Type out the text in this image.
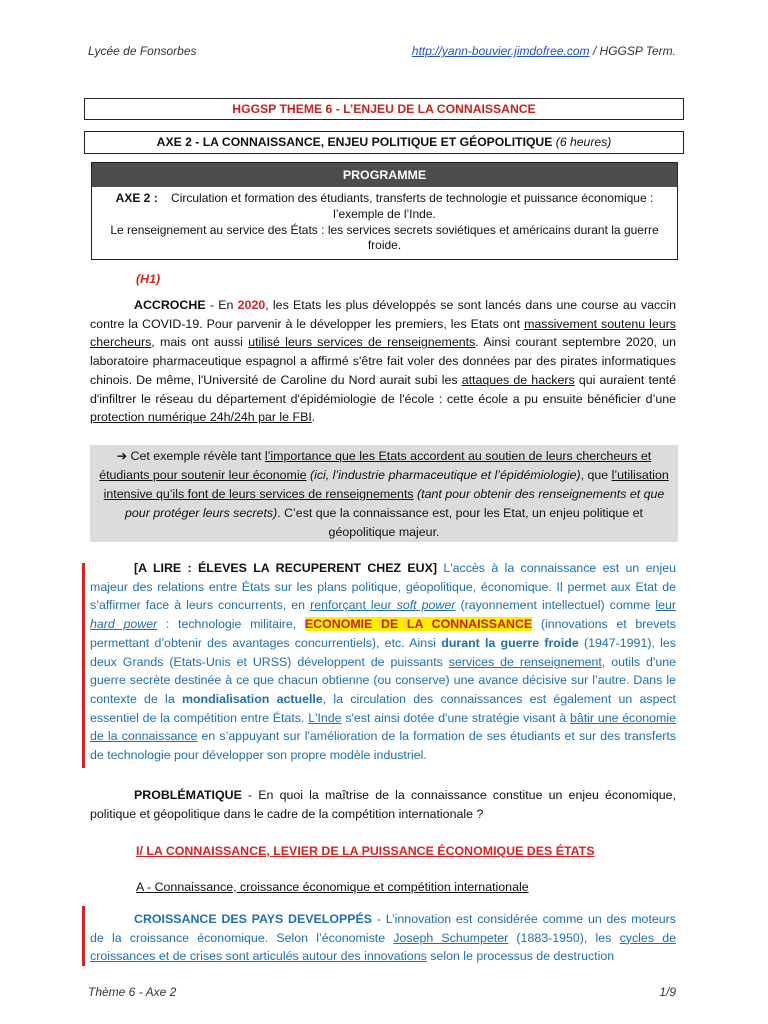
Lycée de Fonsorbes	http://yann-bouvier.jimdofree.com / HGGSP Term.
HGGSP THEME 6 - L’ENJEU DE LA CONNAISSANCE
AXE 2 - LA CONNAISSANCE, ENJEU POLITIQUE ET GÉOPOLITIQUE (6 heures)
PROGRAMME
AXE 2 : Circulation et formation des étudiants, transferts de technologie et puissance économique : l’exemple de l’Inde.
Le renseignement au service des États : les services secrets soviétiques et américains durant la guerre froide.
(H1)
ACCROCHE - En 2020, les Etats les plus développés se sont lancés dans une course au vaccin contre la COVID-19. Pour parvenir à le développer les premiers, les Etats ont massivement soutenu leurs chercheurs, mais ont aussi utilisé leurs services de renseignements. Ainsi courant septembre 2020, un laboratoire pharmaceutique espagnol a affirmé s'être fait voler des données par des pirates informatiques chinois. De même, l'Université de Caroline du Nord aurait subi les attaques de hackers qui auraient tenté d'infiltrer le réseau du département d'épidémiologie de l'école : cette école a pu ensuite bénéficier d’une protection numérique 24h/24h par le FBI.
➔ Cet exemple révèle tant l’importance que les Etats accordent au soutien de leurs chercheurs et étudiants pour soutenir leur économie (ici, l’industrie pharmaceutique et l’épidémiologie), que l’utilisation intensive qu’ils font de leurs services de renseignements (tant pour obtenir des renseignements et que pour protéger leurs secrets). C’est que la connaissance est, pour les Etat, un enjeu politique et géopolitique majeur.
[A LIRE : ÉLEVES LA RECUPERENT CHEZ EUX] L'accès à la connaissance est un enjeu majeur des relations entre États sur les plans politique, géopolitique, économique. Il permet aux Etat de s’affirmer face à leurs concurrents, en renforçant leur soft power (rayonnement intellectuel) comme leur hard power : technologie militaire, ECONOMIE DE LA CONNAISSANCE (innovations et brevets permettant d’obtenir des avantages concurrentiels), etc. Ainsi durant la guerre froide (1947-1991), les deux Grands (Etats-Unis et URSS) développent de puissants services de renseignement, outils d'une guerre secrète destinée à ce que chacun obtienne (ou conserve) une avance décisive sur l’autre. Dans le contexte de la mondialisation actuelle, la circulation des connaissances est également un aspect essentiel de la compétition entre États. L'Inde s'est ainsi dotée d'une stratégie visant à bâtir une économie de la connaissance en s’appuyant sur l'amélioration de la formation de ses étudiants et sur des transferts de technologie pour développer son propre modèle industriel.
PROBLÉMATIQUE - En quoi la maîtrise de la connaissance constitue un enjeu économique, politique et géopolitique dans le cadre de la compétition internationale ?
I/ LA CONNAISSANCE, LEVIER DE LA PUISSANCE ÉCONOMIQUE DES ÉTATS
A - Connaissance, croissance économique et compétition internationale
CROISSANCE DES PAYS DEVELOPPÉS - L’innovation est considérée comme un des moteurs de la croissance économique. Selon l’économiste Joseph Schumpeter (1883-1950), les cycles de croissances et de crises sont articulés autour des innovations selon le processus de destruction
Thème 6 - Axe 2	1/9
